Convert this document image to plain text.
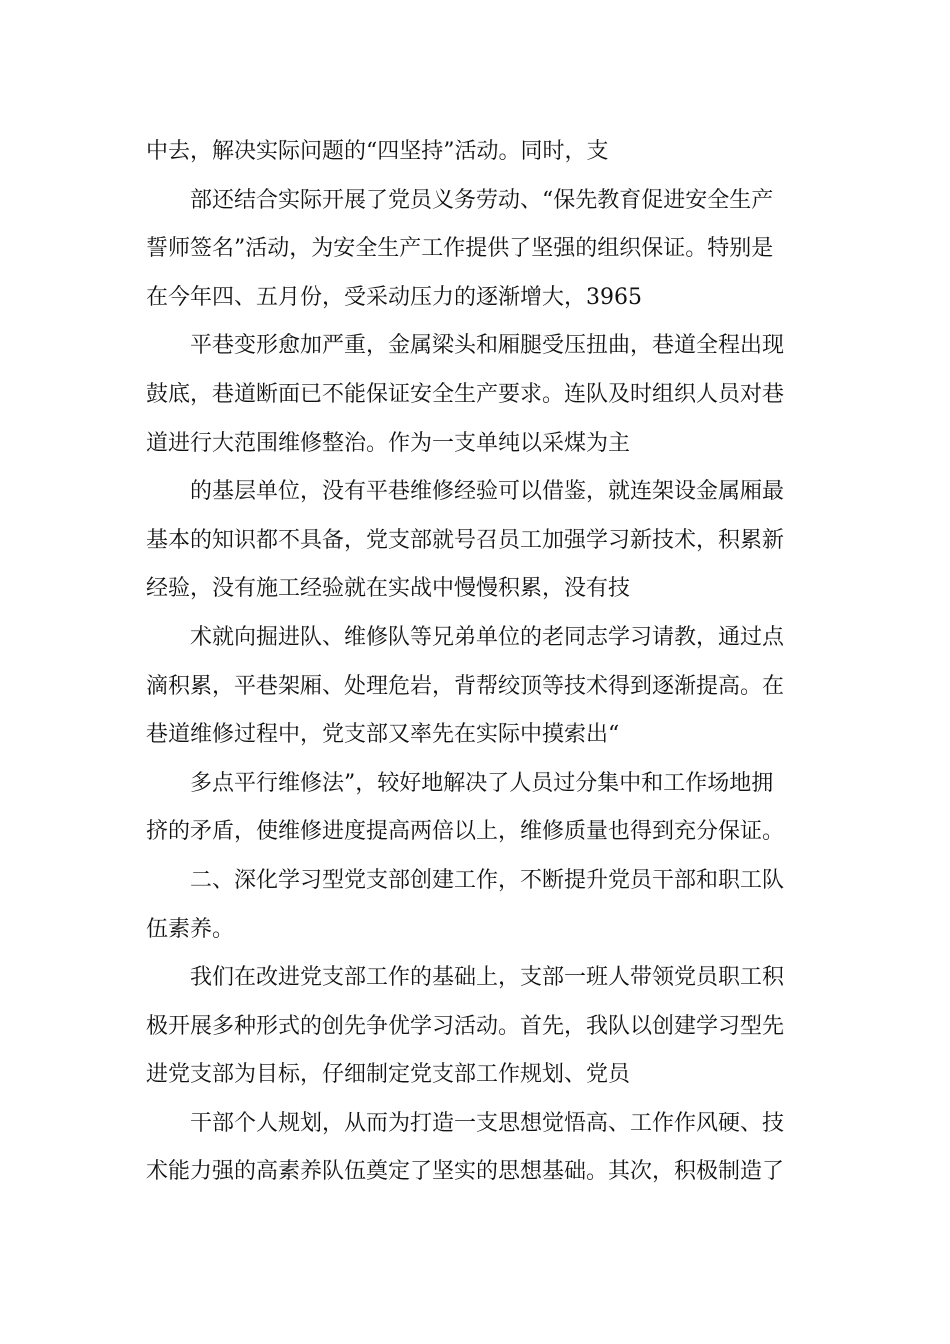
中去，解决实际问题的“四坚持”活动。同时，支
部还结合实际开展了党员义务劳动、“保先教育促进安全生产
誓师签名”活动，为安全生产工作提供了坚强的组织保证。特别是
在今年四、五月份，受采动压力的逐渐增大，3965
平巷变形愈加严重，金属梁头和厢腿受压扭曲，巷道全程出现
鼓底，巷道断面已不能保证安全生产要求。连队及时组织人员对巷
道进行大范围维修整治。作为一支单纯以采煤为主
的基层单位，没有平巷维修经验可以借鉴，就连架设金属厢最
基本的知识都不具备，党支部就号召员工加强学习新技术，积累新
经验，没有施工经验就在实战中慢慢积累，没有技
术就向掘进队、维修队等兄弟单位的老同志学习请教，通过点
滴积累，平巷架厢、处理危岩，背帮绞顶等技术得到逐渐提高。在
巷道维修过程中，党支部又率先在实际中摸索出“
多点平行维修法”，较好地解决了人员过分集中和工作场地拥
挤的矛盾，使维修进度提高两倍以上，维修质量也得到充分保证。
二、深化学习型党支部创建工作，不断提升党员干部和职工队
伍素养。
我们在改进党支部工作的基础上，支部一班人带领党员职工积
极开展多种形式的创先争优学习活动。首先，我队以创建学习型先
进党支部为目标，仔细制定党支部工作规划、党员
干部个人规划，从而为打造一支思想觉悟高、工作作风硬、技
术能力强的高素养队伍奠定了坚实的思想基础。其次，积极制造了
